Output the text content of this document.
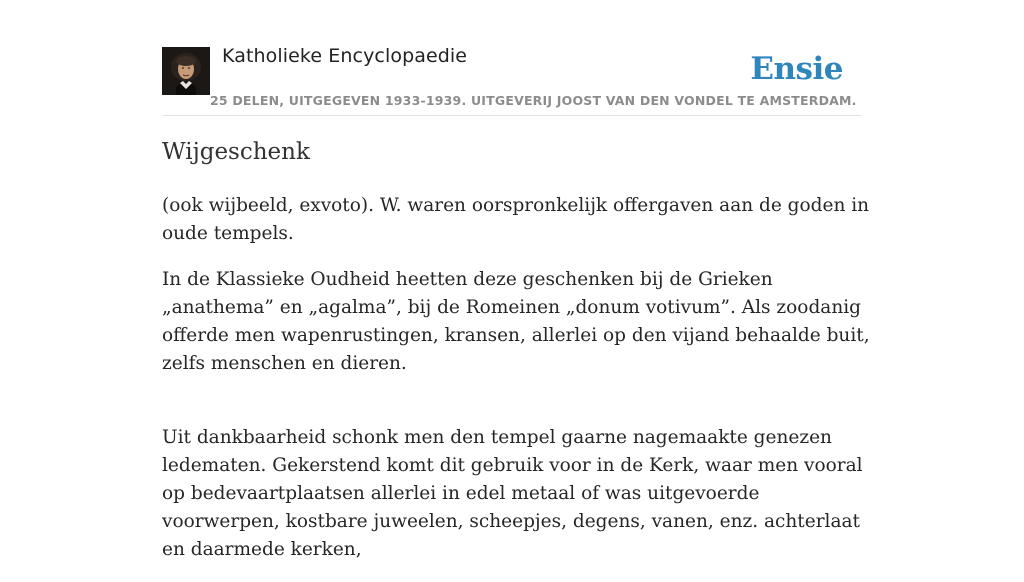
Katholieke Encyclopaedie
25 DELEN, UITGEGEVEN 1933-1939. UITGEVERIJ JOOST VAN DEN VONDEL TE AMSTERDAM.
Ensie
Wijgeschenk

(ook wijbeeld, exvoto). W. waren oorspronkelijk offergaven aan de goden in oude tempels.

In de Klassieke Oudheid heetten deze geschenken bij de Grieken „anathema” en „agalma”, bij de Romeinen „donum votivum”. Als zoodanig offerde men wapenrustingen, kransen, allerlei op den vijand behaalde buit, zelfs menschen en dieren.

Uit dankbaarheid schonk men den tempel gaarne nagemaakte genezen ledematen. Gekerstend komt dit gebruik voor in de Kerk, waar men vooral op bedevaartplaatsen allerlei in edel metaal of was uitgevoerde voorwerpen, kostbare juweelen, scheepjes, degens, vanen, enz. achterlaat en daarmede kerken,
